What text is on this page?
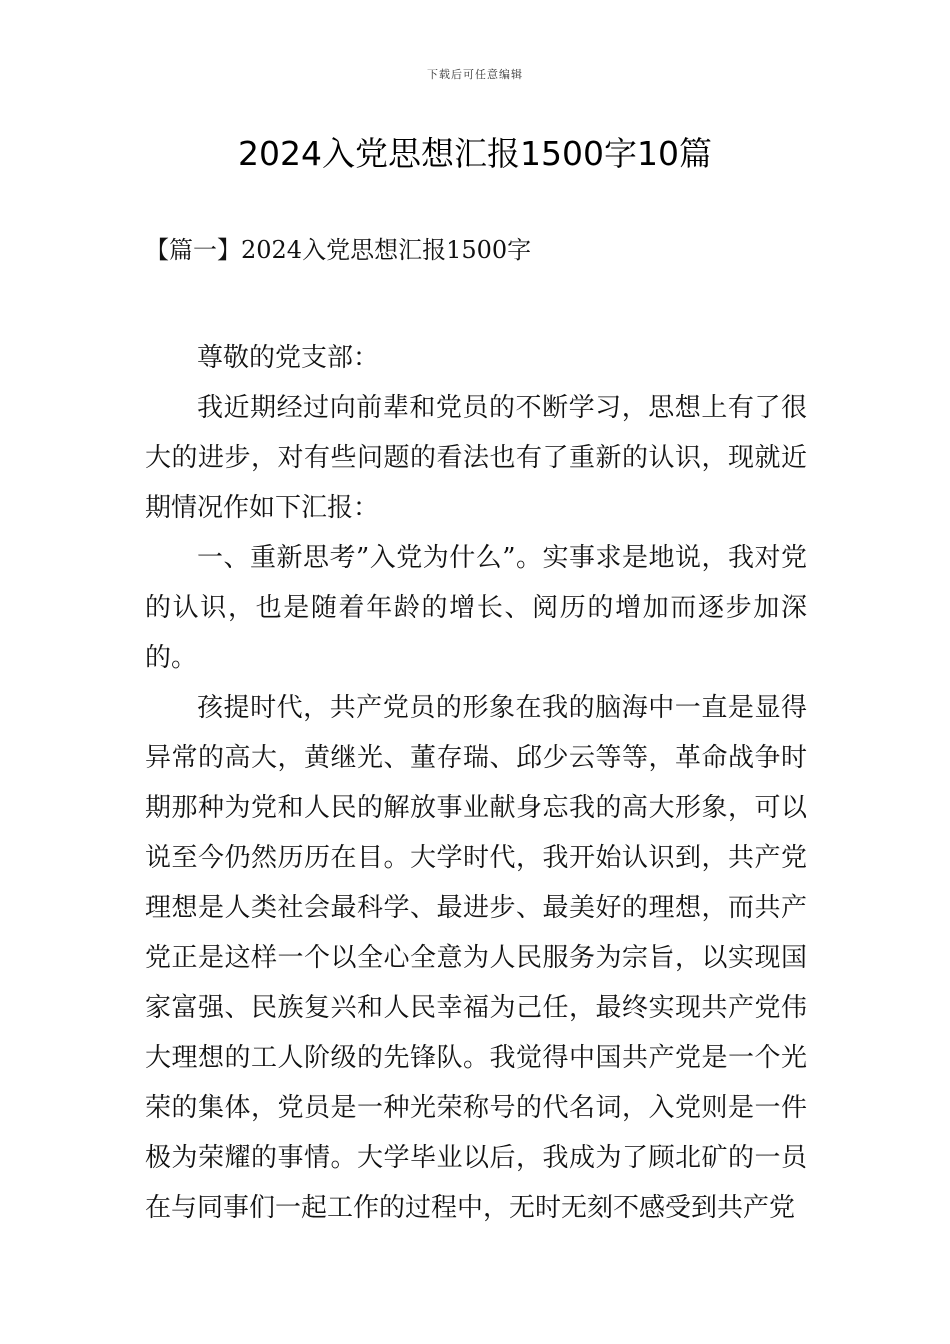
下载后可任意编辑
2024入党思想汇报1500字10篇
【篇一】2024入党思想汇报1500字

尊敬的党支部：

我近期经过向前辈和党员的不断学习，思想上有了很大的进步，对有些问题的看法也有了重新的认识，现就近期情况作如下汇报：

一、重新思考”入党为什么”。实事求是地说，我对党的认识，也是随着年龄的增长、阅历的增加而逐步加深的。

孩提时代，共产党员的形象在我的脑海中一直是显得异常的高大，黄继光、董存瑞、邱少云等等，革命战争时期那种为党和人民的解放事业献身忘我的高大形象，可以说至今仍然历历在目。大学时代，我开始认识到，共产党理想是人类社会最科学、最进步、最美好的理想，而共产党正是这样一个以全心全意为人民服务为宗旨，以实现国家富强、民族复兴和人民幸福为己任，最终实现共产党伟大理想的工人阶级的先锋队。我觉得中国共产党是一个光荣的集体，党员是一种光荣称号的代名词，入党则是一件极为荣耀的事情。大学毕业以后，我成为了顾北矿的一员在与同事们一起工作的过程中，无时无刻不感受到共产党
